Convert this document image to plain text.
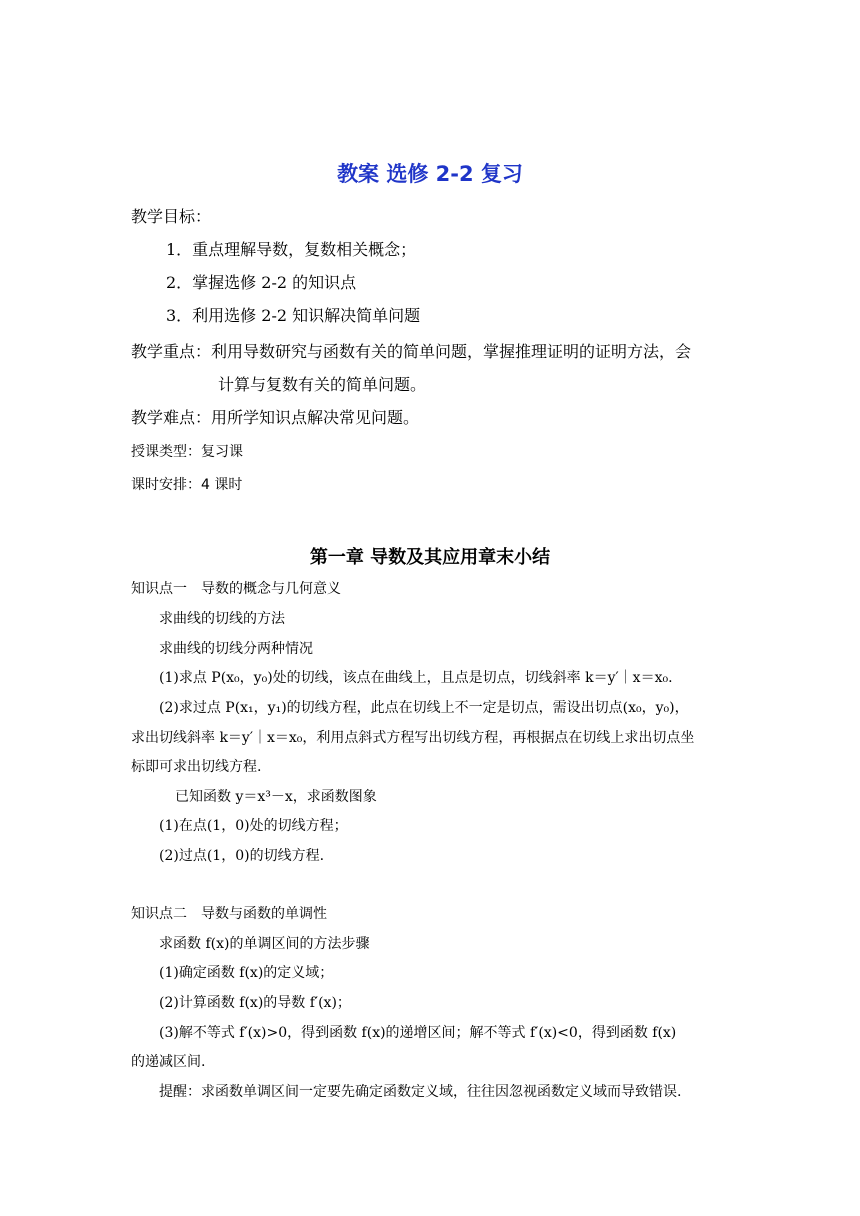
教案 选修 2-2 复习
教学目标：
1．重点理解导数，复数相关概念；
2．掌握选修 2-2 的知识点
3．利用选修 2-2 知识解决简单问题
教学重点：利用导数研究与函数有关的简单问题，掌握推理证明的证明方法，会
计算与复数有关的简单问题。
教学难点：用所学知识点解决常见问题。
授课类型：复习课
课时安排：4 课时
第一章 导数及其应用章末小结
知识点一　导数的概念与几何意义
求曲线的切线的方法
求曲线的切线分两种情况
(1)求点 P(x₀，y₀)处的切线，该点在曲线上，且点是切点，切线斜率 k＝y′｜x＝x₀.
(2)求过点 P(x₁，y₁)的切线方程，此点在切线上不一定是切点，需设出切点(x₀，y₀)，
求出切线斜率 k＝y′｜x＝x₀，利用点斜式方程写出切线方程，再根据点在切线上求出切点坐
标即可求出切线方程.
已知函数 y＝x³－x，求函数图象
(1)在点(1，0)处的切线方程；
(2)过点(1，0)的切线方程.
知识点二　导数与函数的单调性
求函数 f(x)的单调区间的方法步骤
(1)确定函数 f(x)的定义域；
(2)计算函数 f(x)的导数 f′(x)；
(3)解不等式 f′(x)>0，得到函数 f(x)的递增区间；解不等式 f′(x)<0，得到函数 f(x)
的递减区间.
提醒：求函数单调区间一定要先确定函数定义域，往往因忽视函数定义域而导致错误.
